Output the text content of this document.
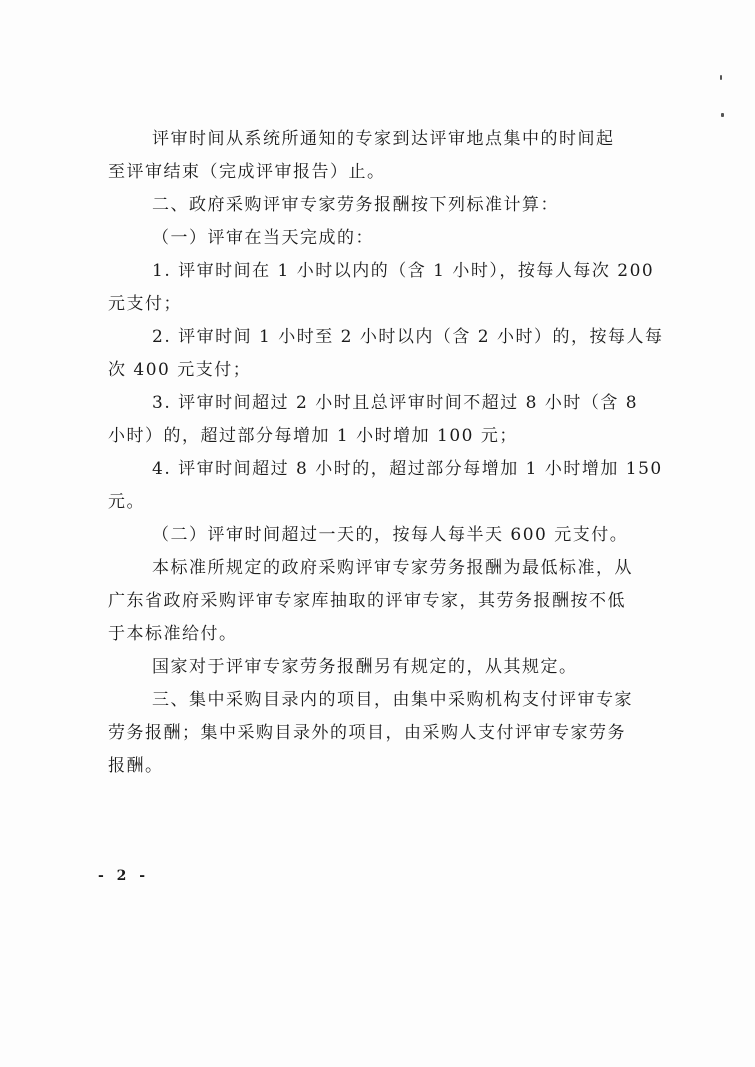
评审时间从系统所通知的专家到达评审地点集中的时间起
至评审结束（完成评审报告）止。
二、政府采购评审专家劳务报酬按下列标准计算：
（一）评审在当天完成的：
1. 评审时间在 1 小时以内的（含 1 小时），按每人每次 200
元支付；
2. 评审时间 1 小时至 2 小时以内（含 2 小时）的，按每人每
次 400 元支付；
3. 评审时间超过 2 小时且总评审时间不超过 8 小时（含 8
小时）的，超过部分每增加 1 小时增加 100 元；
4. 评审时间超过 8 小时的，超过部分每增加 1 小时增加 150
元。
（二）评审时间超过一天的，按每人每半天 600 元支付。
本标准所规定的政府采购评审专家劳务报酬为最低标准，从
广东省政府采购评审专家库抽取的评审专家，其劳务报酬按不低
于本标准给付。
国家对于评审专家劳务报酬另有规定的，从其规定。
三、集中采购目录内的项目，由集中采购机构支付评审专家
劳务报酬；集中采购目录外的项目，由采购人支付评审专家劳务
报酬。
- 2 -
